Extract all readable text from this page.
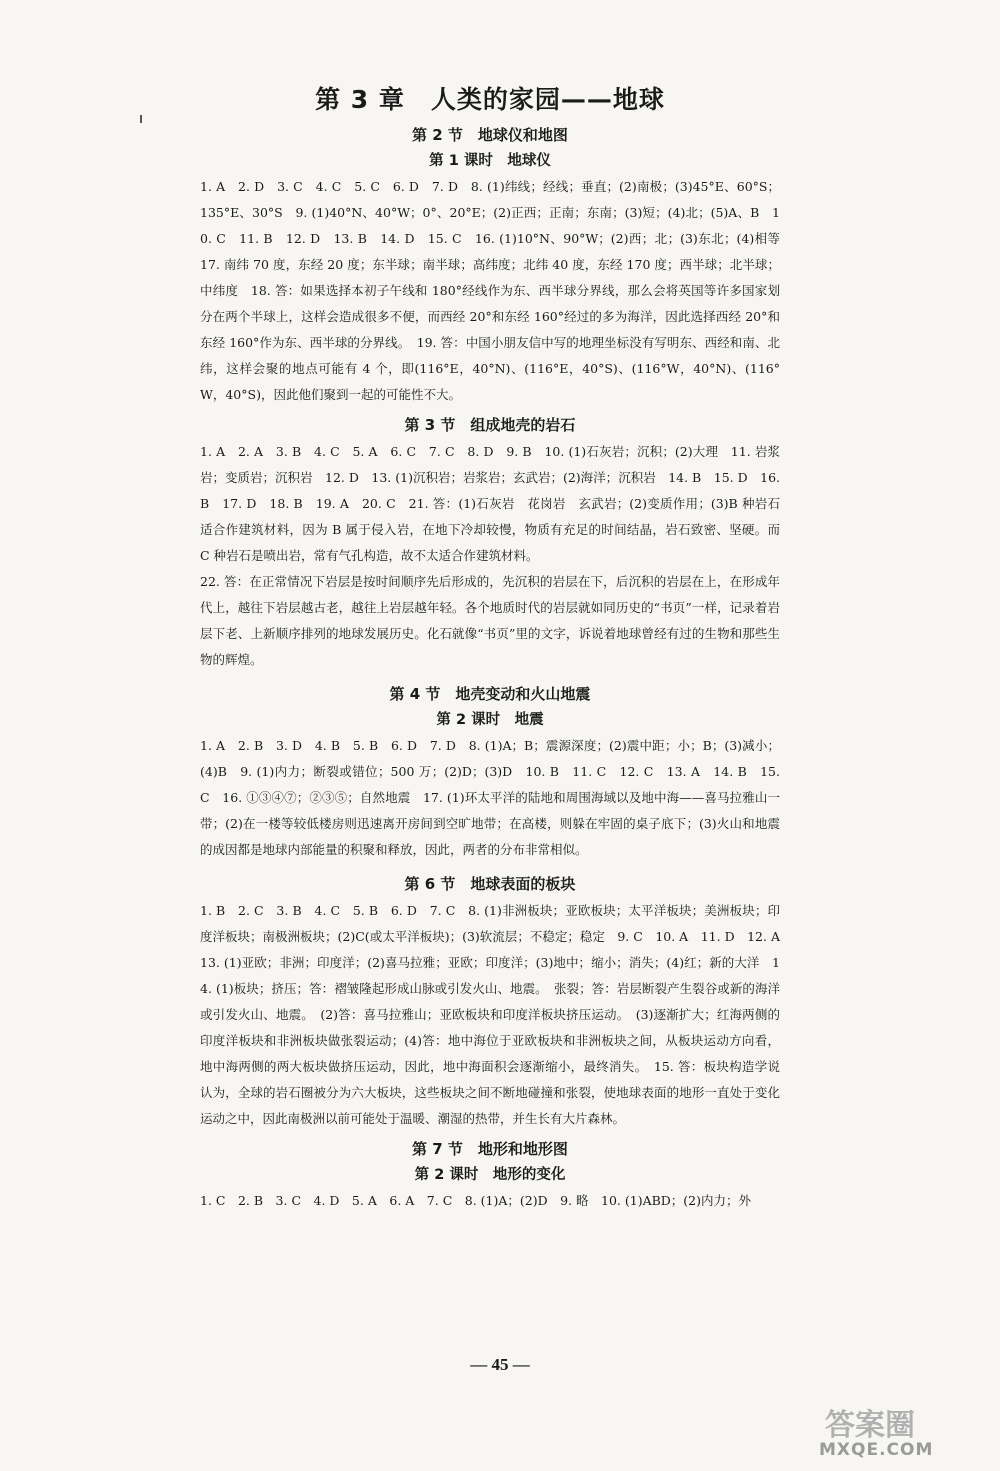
第 3 章　人类的家园——地球
第 2 节　地球仪和地图
第 1 课时　地球仪

1. A　2. D　3. C　4. C　5. C　6. D　7. D　8. (1)纬线；经线；垂直；(2)南极；(3)45°E、60°S；135°E、30°S　9. (1)40°N、40°W；0°、20°E；(2)正西；正南；东南；(3)短；(4)北；(5)A、B　10. C　11. B　12. D　13. B　14. D　15. C　16. (1)10°N、90°W；(2)西；北；(3)东北；(4)相等　17. 南纬 70 度，东经 20 度；东半球；南半球；高纬度；北纬 40 度，东经 170 度；西半球；北半球；中纬度　18. 答：如果选择本初子午线和 180°经线作为东、西半球分界线，那么会将英国等许多国家划分在两个半球上，这样会造成很多不便，而西经 20°和东经 160°经过的多为海洋，因此选择西经 20°和东经 160°作为东、西半球的分界线。　19. 答：中国小朋友信中写的地理坐标没有写明东、西经和南、北纬，这样会聚的地点可能有 4 个，即(116°E，40°N)、(116°E，40°S)、(116°W，40°N)、(116°W，40°S)，因此他们聚到一起的可能性不大。

第 3 节　组成地壳的岩石

1. A　2. A　3. B　4. C　5. A　6. C　7. C　8. D　9. B　10. (1)石灰岩；沉积；(2)大理　11. 岩浆岩；变质岩；沉积岩　12. D　13. (1)沉积岩；岩浆岩；玄武岩；(2)海洋；沉积岩　14. B　15. D　16. B　17. D　18. B　19. A　20. C　21. 答：(1)石灰岩　花岗岩　玄武岩；(2)变质作用；(3)B 种岩石适合作建筑材料，因为 B 属于侵入岩，在地下冷却较慢，物质有充足的时间结晶，岩石致密、坚硬。而 C 种岩石是喷出岩，常有气孔构造，故不太适合作建筑材料。

22. 答：在正常情况下岩层是按时间顺序先后形成的，先沉积的岩层在下，后沉积的岩层在上，在形成年代上，越往下岩层越古老，越往上岩层越年轻。各个地质时代的岩层就如同历史的“书页”一样，记录着岩层下老、上新顺序排列的地球发展历史。化石就像“书页”里的文字，诉说着地球曾经有过的生物和那些生物的辉煌。

第 4 节　地壳变动和火山地震
第 2 课时　地震

1. A　2. B　3. D　4. B　5. B　6. D　7. D　8. (1)A；B；震源深度；(2)震中距；小；B；(3)减小；(4)B　9. (1)内力；断裂或错位；500 万；(2)D；(3)D　10. B　11. C　12. C　13. A　14. B　15. C　16. ①③④⑦；②③⑤；自然地震　17. (1)环太平洋的陆地和周围海域以及地中海——喜马拉雅山一带；(2)在一楼等较低楼房则迅速离开房间到空旷地带；在高楼，则躲在牢固的桌子底下；(3)火山和地震的成因都是地球内部能量的积聚和释放，因此，两者的分布非常相似。

第 6 节　地球表面的板块

1. B　2. C　3. B　4. C　5. B　6. D　7. C　8. (1)非洲板块；亚欧板块；太平洋板块；美洲板块；印度洋板块；南极洲板块；(2)C(或太平洋板块)；(3)软流层；不稳定；稳定　9. C　10. A　11. D　12. A　13. (1)亚欧；非洲；印度洋；(2)喜马拉雅；亚欧；印度洋；(3)地中；缩小；消失；(4)红；新的大洋　14. (1)板块；挤压；答：褶皱隆起形成山脉或引发火山、地震。　张裂；答：岩层断裂产生裂谷或新的海洋或引发火山、地震。　(2)答：喜马拉雅山；亚欧板块和印度洋板块挤压运动。　(3)逐渐扩大；红海两侧的印度洋板块和非洲板块做张裂运动；(4)答：地中海位于亚欧板块和非洲板块之间，从板块运动方向看，地中海两侧的两大板块做挤压运动，因此，地中海面积会逐渐缩小，最终消失。　15. 答：板块构造学说认为，全球的岩石圈被分为六大板块，这些板块之间不断地碰撞和张裂，使地球表面的地形一直处于变化运动之中，因此南极洲以前可能处于温暖、潮湿的热带，并生长有大片森林。

第 7 节　地形和地形图
第 2 课时　地形的变化

1. C　2. B　3. C　4. D　5. A　6. A　7. C　8. (1)A；(2)D　9. 略　10. (1)ABD；(2)内力；外

— 45 —
答案圈
MXQE.COM
